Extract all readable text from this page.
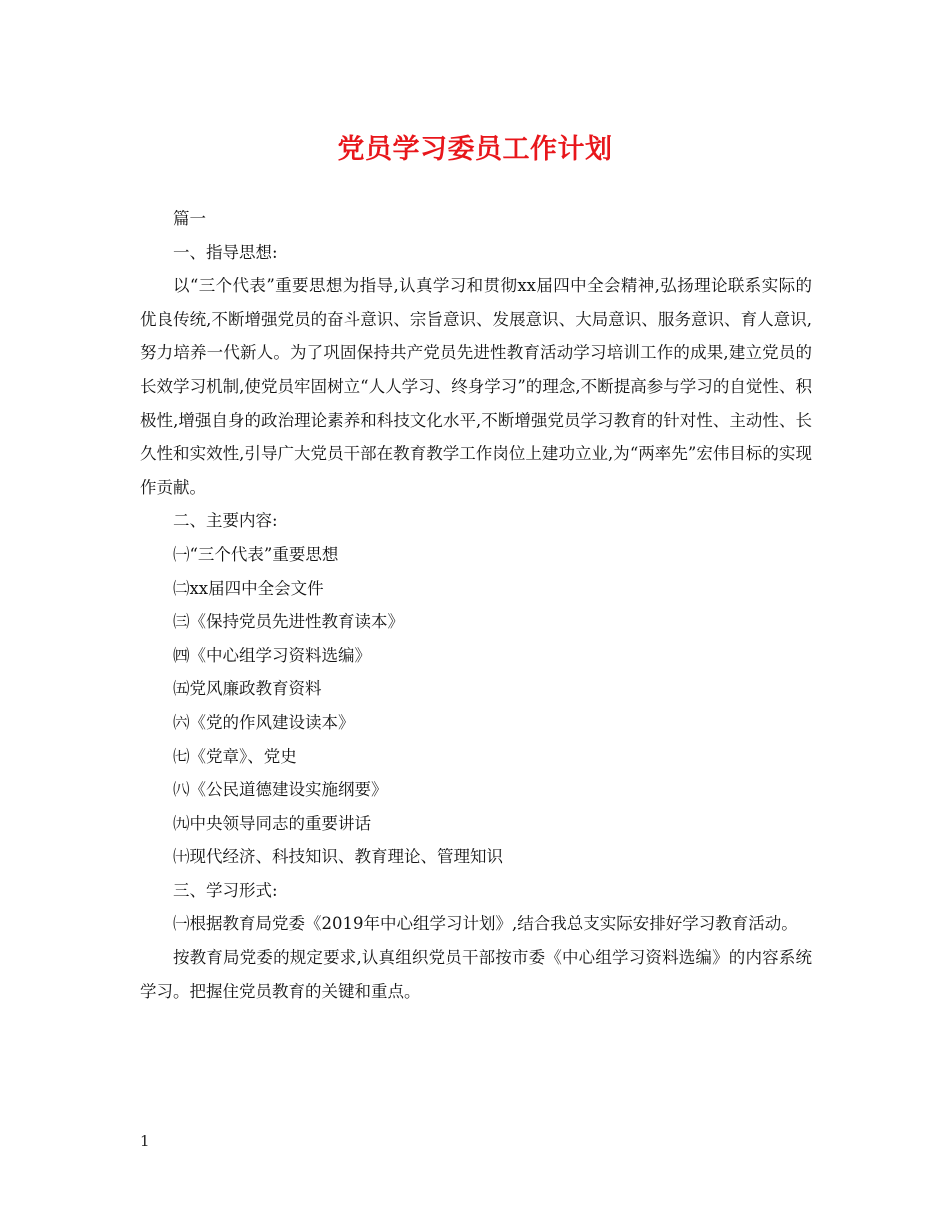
党员学习委员工作计划

篇一

一、指导思想:

以“三个代表”重要思想为指导,认真学习和贯彻xx届四中全会精神,弘扬理论联系实际的优良传统,不断增强党员的奋斗意识、宗旨意识、发展意识、大局意识、服务意识、育人意识,努力培养一代新人。为了巩固保持共产党员先进性教育活动学习培训工作的成果,建立党员的长效学习机制,使党员牢固树立“人人学习、终身学习”的理念,不断提高参与学习的自觉性、积极性,增强自身的政治理论素养和科技文化水平,不断增强党员学习教育的针对性、主动性、长久性和实效性,引导广大党员干部在教育教学工作岗位上建功立业,为“两率先”宏伟目标的实现作贡献。

二、主要内容:

㈠“三个代表”重要思想

㈡xx届四中全会文件

㈢《保持党员先进性教育读本》

㈣《中心组学习资料选编》

㈤党风廉政教育资料

㈥《党的作风建设读本》

㈦《党章》、党史

㈧《公民道德建设实施纲要》

㈨中央领导同志的重要讲话

㈩现代经济、科技知识、教育理论、管理知识

三、学习形式:

㈠根据教育局党委《2019年中心组学习计划》,结合我总支实际安排好学习教育活动。

按教育局党委的规定要求,认真组织党员干部按市委《中心组学习资料选编》的内容系统学习。把握住党员教育的关键和重点。

1
